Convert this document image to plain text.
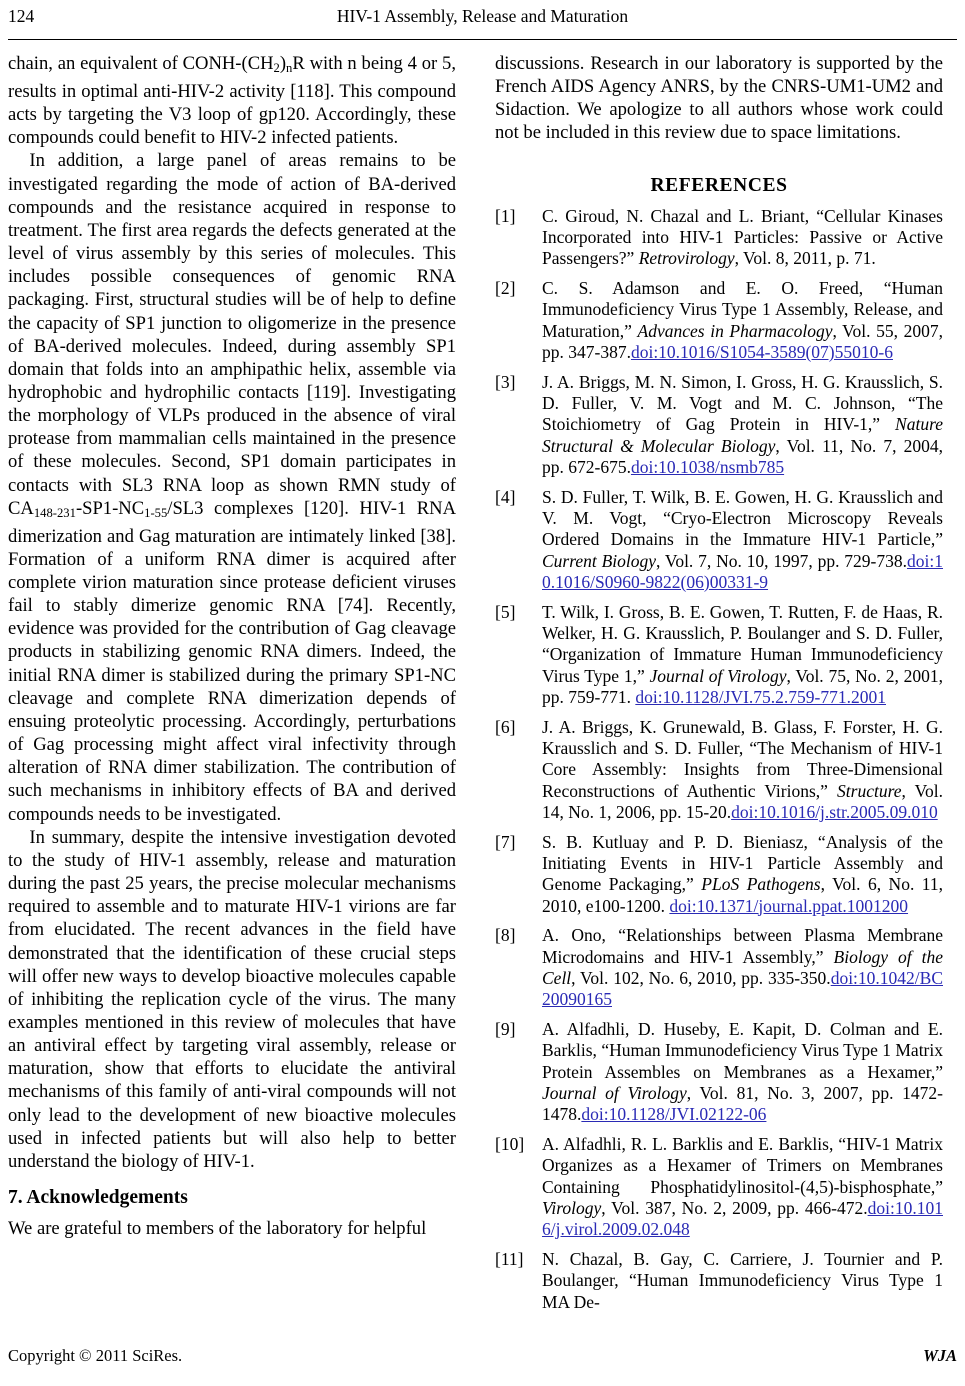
124	HIV-1 Assembly, Release and Maturation

chain, an equivalent of CONH-$(CH_2)_nR$ with n being 4 or 5, results in optimal anti-HIV-2 activity [118]. This compound acts by targeting the V3 loop of gp120. Accordingly, these compounds could benefit to HIV-2 infected patients.

In addition, a large panel of areas remains to be investigated regarding the mode of action of BA-derived compounds and the resistance acquired in response to treatment. The first area regards the defects generated at the level of virus assembly by this series of molecules. This includes possible consequences of genomic RNA packaging. First, structural studies will be of help to define the capacity of SP1 junction to oligomerize in the presence of BA-derived molecules. Indeed, during assembly SP1 domain that folds into an amphipathic helix, assemble via hydrophobic and hydrophilic contacts [119]. Investigating the morphology of VLPs produced in the absence of viral protease from mammalian cells maintained in the presence of these molecules. Second, SP1 domain participates in contacts with SL3 RNA loop as shown RMN study of $CA_{148-231}-SP1-NC_{1-55}/SL3$ complexes [120]. HIV-1 RNA dimerization and Gag maturation are intimately linked [38]. Formation of a uniform RNA dimer is acquired after complete virion maturation since protease deficient viruses fail to stably dimerize genomic RNA [74]. Recently, evidence was provided for the contribution of Gag cleavage products in stabilizing genomic RNA dimers. Indeed, the initial RNA dimer is stabilized during the primary SP1-NC cleavage and complete RNA dimerization depends of ensuing proteolytic processing. Accordingly, perturbations of Gag processing might affect viral infectivity through alteration of RNA dimer stabilization. The contribution of such mechanisms in inhibitory effects of BA and derived compounds needs to be investigated.

In summary, despite the intensive investigation devoted to the study of HIV-1 assembly, release and maturation during the past 25 years, the precise molecular mechanisms required to assemble and to maturate HIV-1 virions are far from elucidated. The recent advances in the field have demonstrated that the identification of these crucial steps will offer new ways to develop bioactive molecules capable of inhibiting the replication cycle of the virus. The many examples mentioned in this review of molecules that have an antiviral effect by targeting viral assembly, release or maturation, show that efforts to elucidate the antiviral mechanisms of this family of anti-viral compounds will not only lead to the development of new bioactive molecules used in infected patients but will also help to better understand the biology of HIV-1.

7. Acknowledgements

We are grateful to members of the laboratory for helpful

discussions. Research in our laboratory is supported by the French AIDS Agency ANRS, by the CNRS-UM1-UM2 and Sidaction. We apologize to all authors whose work could not be included in this review due to space limitations.

REFERENCES
[1]	C. Giroud, N. Chazal and L. Briant, “Cellular Kinases Incorporated into HIV-1 Particles: Passive or Active Passengers?” Retrovirology, Vol. 8, 2011, p. 71.
[2]	C. S. Adamson and E. O. Freed, “Human Immunodeficiency Virus Type 1 Assembly, Release, and Maturation,” Advances in Pharmacology, Vol. 55, 2007, pp. 347-387.doi:10.1016/S1054-3589(07)55010-6
[3]	J. A. Briggs, M. N. Simon, I. Gross, H. G. Krausslich, S. D. Fuller, V. M. Vogt and M. C. Johnson, “The Stoichiometry of Gag Protein in HIV-1,” Nature Structural & Molecular Biology, Vol. 11, No. 7, 2004, pp. 672-675.doi:10.1038/nsmb785
[4]	S. D. Fuller, T. Wilk, B. E. Gowen, H. G. Krausslich and V. M. Vogt, “Cryo-Electron Microscopy Reveals Ordered Domains in the Immature HIV-1 Particle,” Current Biology, Vol. 7, No. 10, 1997, pp. 729-738.doi:10.1016/S0960-9822(06)00331-9
[5]	T. Wilk, I. Gross, B. E. Gowen, T. Rutten, F. de Haas, R. Welker, H. G. Krausslich, P. Boulanger and S. D. Fuller, “Organization of Immature Human Immunodeficiency Virus Type 1,” Journal of Virology, Vol. 75, No. 2, 2001, pp. 759-771. doi:10.1128/JVI.75.2.759-771.2001
[6]	J. A. Briggs, K. Grunewald, B. Glass, F. Forster, H. G. Krausslich and S. D. Fuller, “The Mechanism of HIV-1 Core Assembly: Insights from Three-Dimensional Reconstructions of Authentic Virions,” Structure, Vol. 14, No. 1, 2006, pp. 15-20.doi:10.1016/j.str.2005.09.010
[7]	S. B. Kutluay and P. D. Bieniasz, “Analysis of the Initiating Events in HIV-1 Particle Assembly and Genome Packaging,” PLoS Pathogens, Vol. 6, No. 11, 2010, e100-1200. doi:10.1371/journal.ppat.1001200
[8]	A. Ono, “Relationships between Plasma Membrane Microdomains and HIV-1 Assembly,” Biology of the Cell, Vol. 102, No. 6, 2010, pp. 335-350.doi:10.1042/BC20090165
[9]	A. Alfadhli, D. Huseby, E. Kapit, D. Colman and E. Barklis, “Human Immunodeficiency Virus Type 1 Matrix Protein Assembles on Membranes as a Hexamer,” Journal of Virology, Vol. 81, No. 3, 2007, pp. 1472-1478.doi:10.1128/JVI.02122-06
[10]	A. Alfadhli, R. L. Barklis and E. Barklis, “HIV-1 Matrix Organizes as a Hexamer of Trimers on Membranes Containing Phosphatidylinositol-(4,5)-bisphosphate,” Virology, Vol. 387, No. 2, 2009, pp. 466-472.doi:10.1016/j.virol.2009.02.048
[11]	N. Chazal, B. Gay, C. Carriere, J. Tournier and P. Boulanger, “Human Immunodeficiency Virus Type 1 MA De-
Copyright © 2011 SciRes.	WJA
